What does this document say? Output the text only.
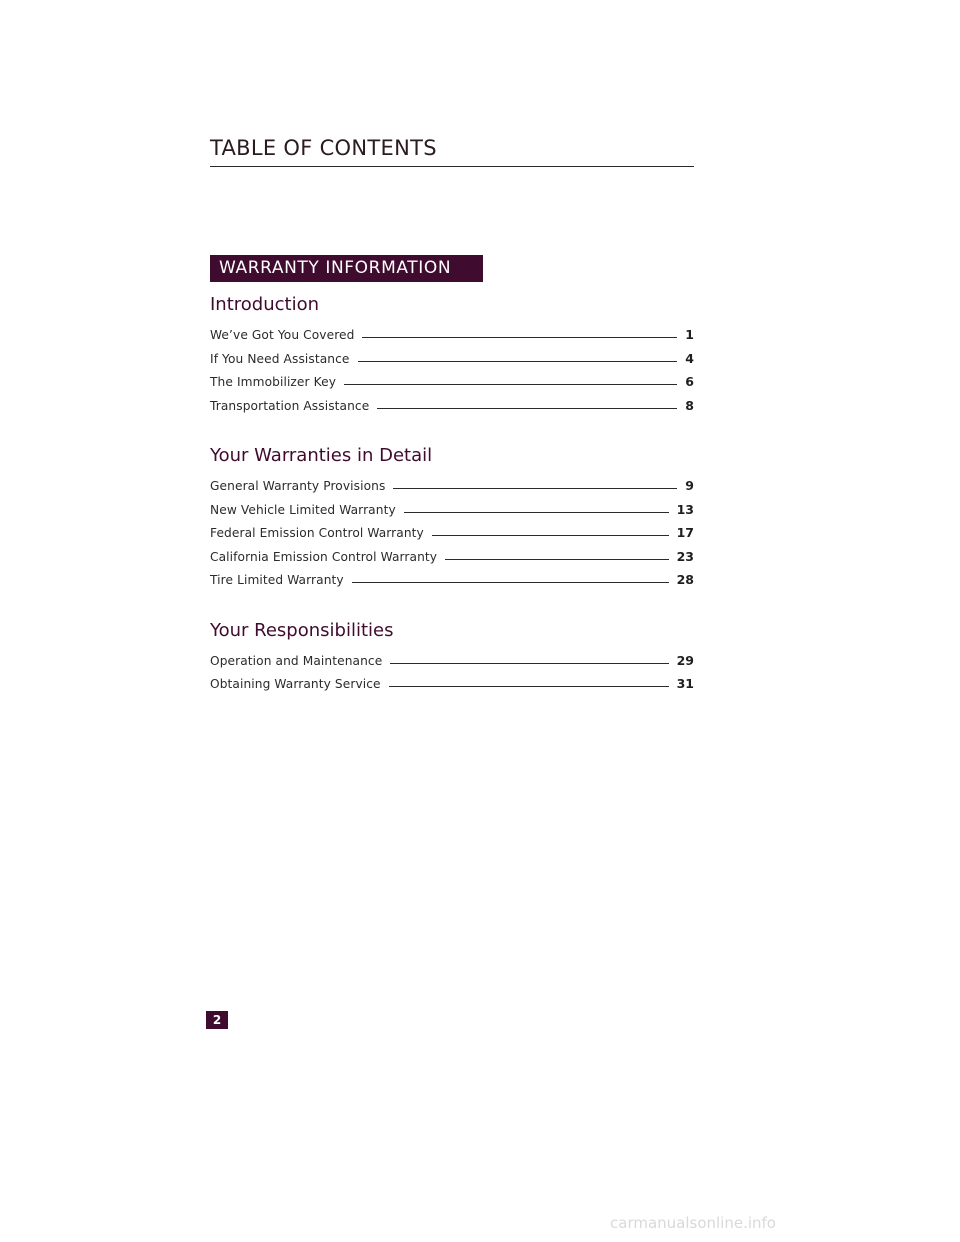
TABLE OF CONTENTS
WARRANTY INFORMATION
Introduction
We’ve Got You Covered	1
If You Need Assistance	4
The Immobilizer Key	6
Transportation Assistance	8
Your Warranties in Detail
General Warranty Provisions	9
New Vehicle Limited Warranty	13
Federal Emission Control Warranty	17
California Emission Control Warranty	23
Tire Limited Warranty	28
Your Responsibilities
Operation and Maintenance	29
Obtaining Warranty Service	31
2
carmanualsonline.info
